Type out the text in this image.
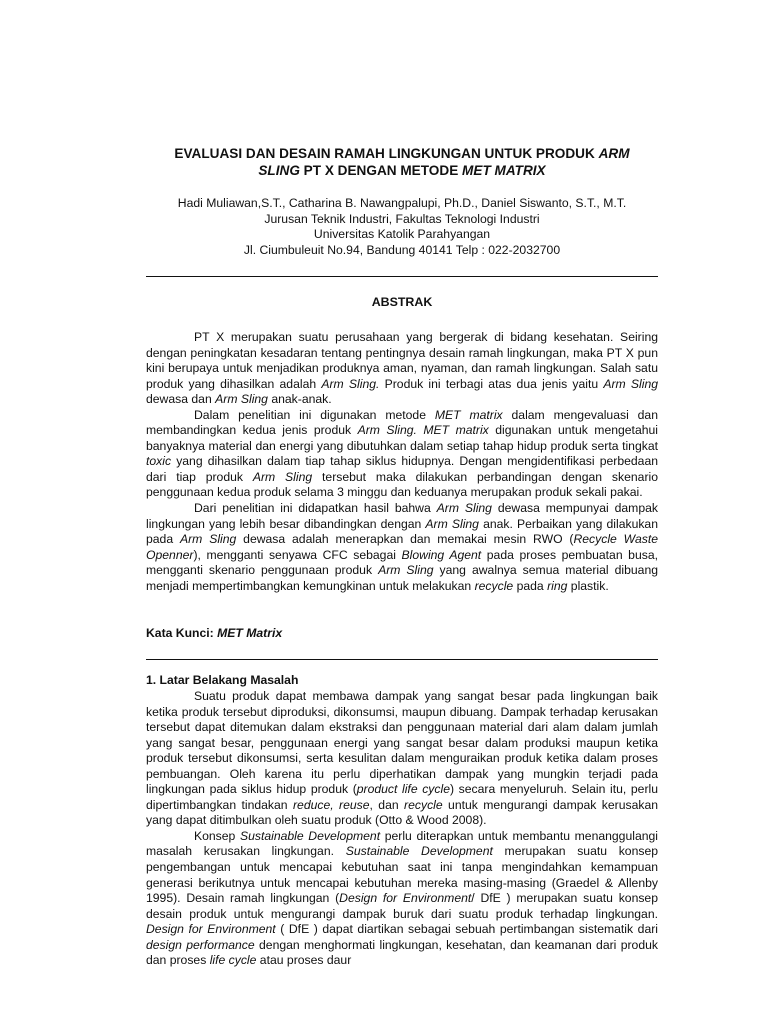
EVALUASI DAN DESAIN RAMAH LINGKUNGAN UNTUK PRODUK ARM
SLING PT X DENGAN METODE MET MATRIX
Hadi Muliawan,S.T., Catharina B. Nawangpalupi, Ph.D., Daniel Siswanto, S.T., M.T.
Jurusan Teknik Industri, Fakultas Teknologi Industri
Universitas Katolik Parahyangan
Jl. Ciumbuleuit No.94, Bandung 40141 Telp : 022-2032700
ABSTRAK

PT X merupakan suatu perusahaan yang bergerak di bidang kesehatan. Seiring dengan peningkatan kesadaran tentang pentingnya desain ramah lingkungan, maka PT X pun kini berupaya untuk menjadikan produknya aman, nyaman, dan ramah lingkungan. Salah satu produk yang dihasilkan adalah Arm Sling. Produk ini terbagi atas dua jenis yaitu Arm Sling dewasa dan Arm Sling anak-anak.

Dalam penelitian ini digunakan metode MET matrix dalam mengevaluasi dan membandingkan kedua jenis produk Arm Sling. MET matrix digunakan untuk mengetahui banyaknya material dan energi yang dibutuhkan dalam setiap tahap hidup produk serta tingkat toxic yang dihasilkan dalam tiap tahap siklus hidupnya. Dengan mengidentifikasi perbedaan dari tiap produk Arm Sling tersebut maka dilakukan perbandingan dengan skenario penggunaan kedua produk selama 3 minggu dan keduanya merupakan produk sekali pakai.

Dari penelitian ini didapatkan hasil bahwa Arm Sling dewasa mempunyai dampak lingkungan yang lebih besar dibandingkan dengan Arm Sling anak. Perbaikan yang dilakukan pada Arm Sling dewasa adalah menerapkan dan memakai mesin RWO (Recycle Waste Openner), mengganti senyawa CFC sebagai Blowing Agent pada proses pembuatan busa, mengganti skenario penggunaan produk Arm Sling yang awalnya semua material dibuang menjadi mempertimbangkan kemungkinan untuk melakukan recycle pada ring plastik.

Kata Kunci: MET Matrix
1. Latar Belakang Masalah

Suatu produk dapat membawa dampak yang sangat besar pada lingkungan baik ketika produk tersebut diproduksi, dikonsumsi, maupun dibuang. Dampak terhadap kerusakan tersebut dapat ditemukan dalam ekstraksi dan penggunaan material dari alam dalam jumlah yang sangat besar, penggunaan energi yang sangat besar dalam produksi maupun ketika produk tersebut dikonsumsi, serta kesulitan dalam menguraikan produk ketika dalam proses pembuangan. Oleh karena itu perlu diperhatikan dampak yang mungkin terjadi pada lingkungan pada siklus hidup produk (product life cycle) secara menyeluruh. Selain itu, perlu dipertimbangkan tindakan reduce, reuse, dan recycle untuk mengurangi dampak kerusakan yang dapat ditimbulkan oleh suatu produk (Otto & Wood 2008).

Konsep Sustainable Development perlu diterapkan untuk membantu menanggulangi masalah kerusakan lingkungan. Sustainable Development merupakan suatu konsep pengembangan untuk mencapai kebutuhan saat ini tanpa mengindahkan kemampuan generasi berikutnya untuk mencapai kebutuhan mereka masing-masing (Graedel & Allenby 1995). Desain ramah lingkungan (Design for Environment/ DfE ) merupakan suatu konsep desain produk untuk mengurangi dampak buruk dari suatu produk terhadap lingkungan. Design for Environment ( DfE ) dapat diartikan sebagai sebuah pertimbangan sistematik dari design performance dengan menghormati lingkungan, kesehatan, dan keamanan dari produk dan proses life cycle atau proses daur
